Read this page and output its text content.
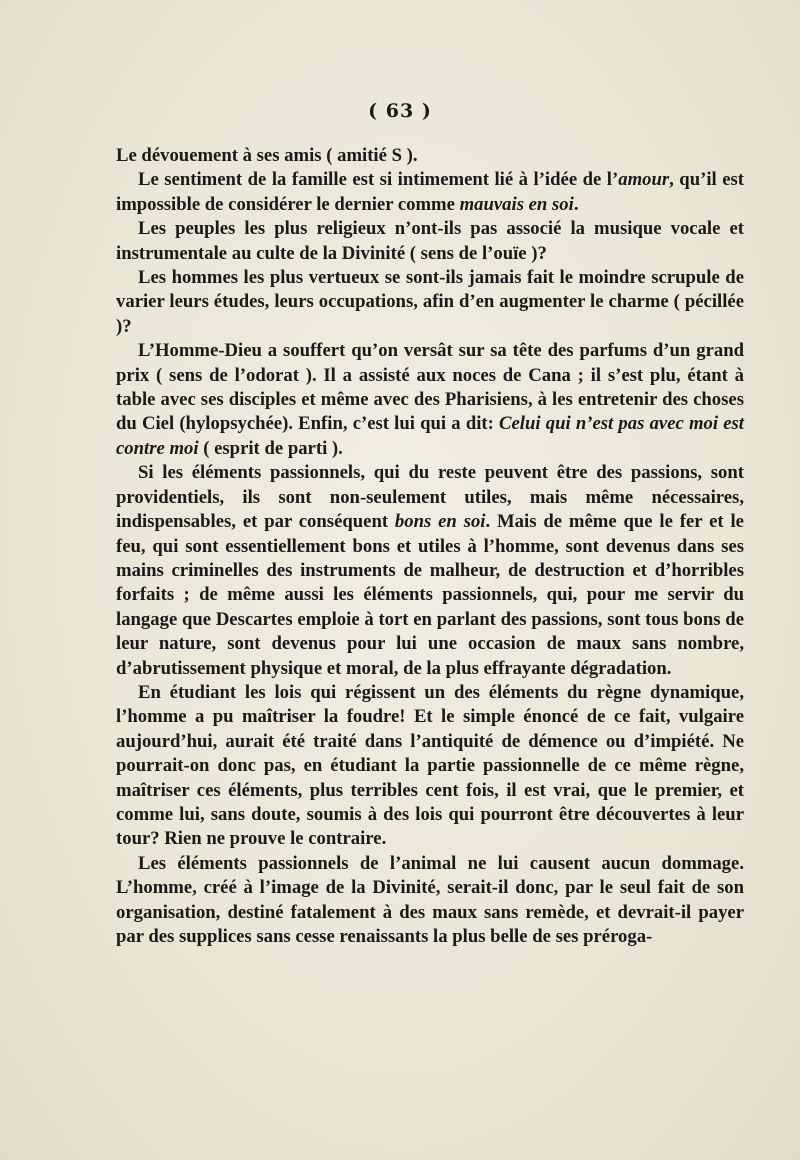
( 63 )

Le dévouement à ses amis ( amitié S ).

Le sentiment de la famille est si intimement lié à l’idée de l’amour, qu’il est impossible de considérer le dernier comme mauvais en soi.

Les peuples les plus religieux n’ont-ils pas associé la musique vocale et instrumentale au culte de la Divinité ( sens de l’ouïe )?

Les hommes les plus vertueux se sont-ils jamais fait le moindre scrupule de varier leurs études, leurs occupations, afin d’en augmenter le charme ( pécillée )?

L’Homme-Dieu a souffert qu’on versât sur sa tête des parfums d’un grand prix ( sens de l’odorat ). Il a assisté aux noces de Cana ; il s’est plu, étant à table avec ses disciples et même avec des Pharisiens, à les entretenir des choses du Ciel (hylopsychée). Enfin, c’est lui qui a dit: Celui qui n’est pas avec moi est contre moi ( esprit de parti ).

Si les éléments passionnels, qui du reste peuvent être des passions, sont providentiels, ils sont non-seulement utiles, mais même nécessaires, indispensables, et par conséquent bons en soi. Mais de même que le fer et le feu, qui sont essentiellement bons et utiles à l’homme, sont devenus dans ses mains criminelles des instruments de malheur, de destruction et d’horribles forfaits ; de même aussi les éléments passionnels, qui, pour me servir du langage que Descartes emploie à tort en parlant des passions, sont tous bons de leur nature, sont devenus pour lui une occasion de maux sans nombre, d’abrutissement physique et moral, de la plus effrayante dégradation.

En étudiant les lois qui régissent un des éléments du règne dynamique, l’homme a pu maîtriser la foudre! Et le simple énoncé de ce fait, vulgaire aujourd’hui, aurait été traité dans l’antiquité de démence ou d’impiété. Ne pourrait-on donc pas, en étudiant la partie passionnelle de ce même règne, maîtriser ces éléments, plus terribles cent fois, il est vrai, que le premier, et comme lui, sans doute, soumis à des lois qui pourront être découvertes à leur tour? Rien ne prouve le contraire.

Les éléments passionnels de l’animal ne lui causent aucun dommage. L’homme, créé à l’image de la Divinité, serait-il donc, par le seul fait de son organisation, destiné fatalement à des maux sans remède, et devrait-il payer par des supplices sans cesse renaissants la plus belle de ses préroga-
